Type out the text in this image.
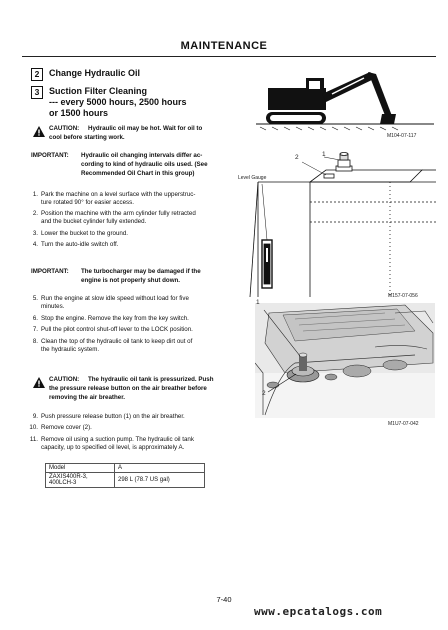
MAINTENANCE
2	Change Hydraulic Oil
3	Suction Filter Cleaning
--- every 5000 hours, 2500 hours
or 1500 hours
CAUTION: Hydraulic oil may be hot. Wait for oil to
cool before starting work.
IMPORTANT: Hydraulic oil changing intervals differ ac-
cording to kind of hydraulic oils used. (See
Recommended Oil Chart in this group)
1. Park the machine on a level surface with the upperstruc-
ture rotated 90° for easier access.
2. Position the machine with the arm cylinder fully retracted
and the bucket cylinder fully extended.
3. Lower the bucket to the ground.
4. Turn the auto-idle switch off.
IMPORTANT: The turbocharger may be damaged if the
engine is not properly shut down.
5. Run the engine at slow idle speed without load for five
minutes.
6. Stop the engine. Remove the key from the key switch.
7. Pull the pilot control shut-off lever to the LOCK position.
8. Clean the top of the hydraulic oil tank to keep dirt out of
the hydraulic system.
CAUTION: The hydraulic oil tank is pressurized. Push
the pressure release button on the air breather before
removing the air breather.
9. Push pressure release button (1) on the air breather.
10. Remove cover (2).
11. Remove oil using a suction pump. The hydraulic oil tank
capacity, up to specified oil level, is approximately A.
Model	A

ZAXIS400R-3,
400LCH-3	298 L (78.7 US gal)
M104-07-117
Level Gauge
2	1
M157-07-056
1
2
M1U7-07-042
7-40
www.epcatalogs.com
